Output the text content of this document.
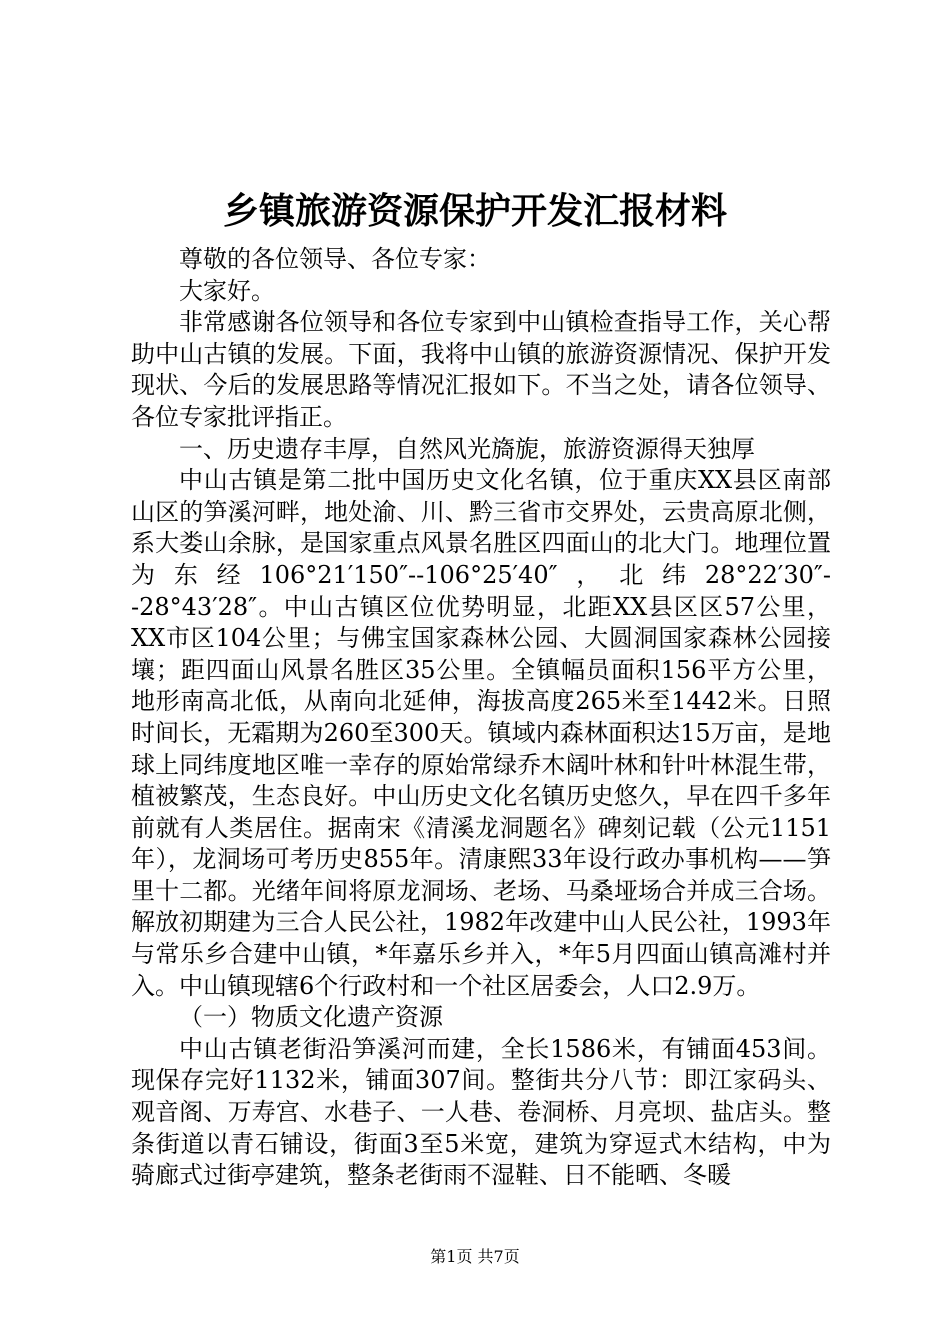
乡镇旅游资源保护开发汇报材料

尊敬的各位领导、各位专家：

大家好。

非常感谢各位领导和各位专家到中山镇检查指导工作，关心帮助中山古镇的发展。下面，我将中山镇的旅游资源情况、保护开发现状、今后的发展思路等情况汇报如下。不当之处，请各位领导、各位专家批评指正。

一、历史遗存丰厚，自然风光旖旎，旅游资源得天独厚

中山古镇是第二批中国历史文化名镇，位于重庆XX县区南部山区的笋溪河畔，地处渝、川、黔三省市交界处，云贵高原北侧，系大娄山余脉，是国家重点风景名胜区四面山的北大门。地理位置为东经106°21′150″--106°25′40″，北纬28°22′30″--28°43′28″。中山古镇区位优势明显，北距XX县区区57公里，XX市区104公里；与佛宝国家森林公园、大圆洞国家森林公园接壤；距四面山风景名胜区35公里。全镇幅员面积156平方公里，地形南高北低，从南向北延伸，海拔高度265米至1442米。日照时间长，无霜期为260至300天。镇域内森林面积达15万亩，是地球上同纬度地区唯一幸存的原始常绿乔木阔叶林和针叶林混生带，植被繁茂，生态良好。中山历史文化名镇历史悠久，早在四千多年前就有人类居住。据南宋《清溪龙洞题名》碑刻记载（公元1151年），龙洞场可考历史855年。清康熙33年设行政办事机构——笋里十二都。光绪年间将原龙洞场、老场、马桑垭场合并成三合场。解放初期建为三合人民公社，1982年改建中山人民公社，1993年与常乐乡合建中山镇，*年嘉乐乡并入，*年5月四面山镇高滩村并入。中山镇现辖6个行政村和一个社区居委会，人口2.9万。

（一）物质文化遗产资源

中山古镇老街沿笋溪河而建，全长1586米，有铺面453间。现保存完好1132米，铺面307间。整街共分八节：即江家码头、观音阁、万寿宫、水巷子、一人巷、卷洞桥、月亮坝、盐店头。整条街道以青石铺设，街面3至5米宽，建筑为穿逗式木结构，中为骑廊式过街亭建筑，整条老街雨不湿鞋、日不能晒、冬暖

第1页 共7页
